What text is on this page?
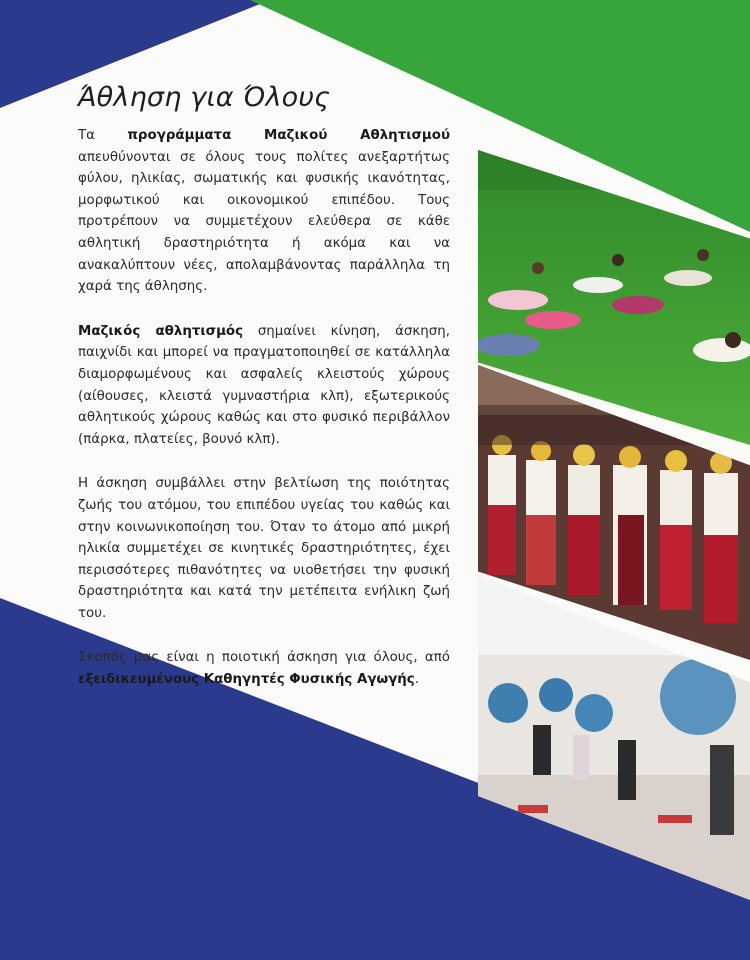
Άθληση για Όλους

Τα προγράμματα Μαζικού Αθλητισμού απευθύνονται σε όλους τους πολίτες ανεξαρτήτως φύλου, ηλικίας, σωματικής και φυσικής ικανότητας, μορφωτικού και οικονομικού επιπέδου. Τους προτρέπουν να συμμετέχουν ελεύθερα σε κάθε αθλητική δραστηριότητα ή ακόμα και να ανακαλύπτουν νέες, απολαμβάνοντας παράλληλα τη χαρά της άθλησης.

Μαζικός αθλητισμός σημαίνει κίνηση, άσκηση, παιχνίδι και μπορεί να πραγματοποιηθεί σε κατάλληλα διαμορφωμένους και ασφαλείς κλειστούς χώρους (αίθουσες, κλειστά γυμναστήρια κλπ), εξωτερικούς αθλητικούς χώρους καθώς και στο φυσικό περιβάλλον (πάρκα, πλατείες, βουνό κλπ).

Η άσκηση συμβάλλει στην βελτίωση της ποιότητας ζωής του ατόμου, του επιπέδου υγείας του καθώς και στην κοινωνικοποίηση του. Όταν το άτομο από μικρή ηλικία συμμετέχει σε κινητικές δραστηριότητες, έχει περισσότερες πιθανότητες να υιοθετήσει την φυσική δραστηριότητα και κατά την μετέπειτα ενήλικη ζωή του.

Σκοπός μας είναι η ποιοτική άσκηση για όλους, από εξειδικευμένους Καθηγητές Φυσικής Αγωγής.
